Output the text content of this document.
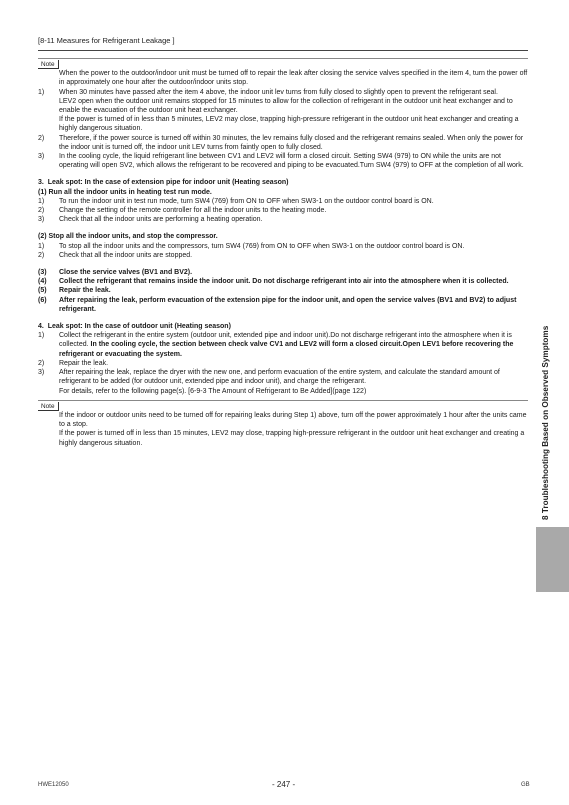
[8-11 Measures for Refrigerant Leakage ]
Note

When the power to the outdoor/indoor unit must be turned off to repair the leak after closing the service valves specified in the item 4, turn the power off in approximately one hour after the outdoor/indoor units stop.

1) When 30 minutes have passed after the item 4 above, the indoor unit lev turns from fully closed to slightly open to prevent the refrigerant seal.

LEV2 open when the outdoor unit remains stopped for 15 minutes to allow for the collection of refrigerant in the outdoor unit heat exchanger and to enable the evacuation of the outdoor unit heat exchanger.

If the power is turned of in less than 5 minutes, LEV2 may close, trapping high-pressure refrigerant in the outdoor unit heat exchanger and creating a highly dangerous situation.

2) Therefore, if the power source is turned off within 30 minutes, the lev remains fully closed and the refrigerant remains sealed. When only the power for the indoor unit is turned off, the indoor unit LEV turns from faintly open to fully closed.

3) In the cooling cycle, the liquid refrigerant line between CV1 and LEV2 will form a closed circuit. Setting SW4 (979) to ON while the units are not operating will open SV2, which allows the refrigerant to be recovered and piping to be evacuated.Turn SW4 (979) to OFF at the completion of all work.

3.  Leak spot: In the case of extension pipe for indoor unit (Heating season)

(1) Run all the indoor units in heating test run mode.

1) To run the indoor unit in test run mode, turn SW4 (769) from ON to OFF when SW3-1 on the outdoor control board is ON.

2) Change the setting of the remote controller for all the indoor units to the heating mode.

3) Check that all the indoor units are performing a heating operation.

(2) Stop all the indoor units, and stop the compressor.

1) To stop all the indoor units and the compressors, turn SW4 (769) from ON to OFF when SW3-1 on the outdoor control board is ON.

2) Check that all the indoor units are stopped.

(3) Close the service valves (BV1 and BV2).

(4) Collect the refrigerant that remains inside the indoor unit. Do not discharge refrigerant into air into the atmosphere when it is collected.

(5) Repair the leak.

(6) After repairing the leak, perform evacuation of the extension pipe for the indoor unit, and open the service valves (BV1 and BV2) to adjust refrigerant.

4.  Leak spot: In the case of outdoor unit (Heating season)

1) Collect the refrigerant in the entire system (outdoor unit, extended pipe and indoor unit).Do not discharge refrigerant into the atmosphere when it is collected. In the cooling cycle, the section between check valve CV1 and LEV2 will form a closed circuit.Open LEV1 before recovering the refrigerant or evacuating the system.

2) Repair the leak.

3) After repairing the leak, replace the dryer with the new one, and perform evacuation of the entire system, and calculate the standard amount of refrigerant to be added (for outdoor unit, extended pipe and indoor unit), and charge the refrigerant.

For details, refer to the following page(s). [6-9-3 The Amount of Refrigerant to Be Added](page 122)

Note

If the indoor or outdoor units need to be turned off for repairing leaks during Step 1) above, turn off the power approximately 1 hour after the units came to a stop.

If the power is turned off in less than 15 minutes, LEV2 may close, trapping high-pressure refrigerant in the outdoor unit heat exchanger and creating a highly dangerous situation.	8 Troubleshooting Based on Observed Symptoms
HWE12050	- 247 -	GB
